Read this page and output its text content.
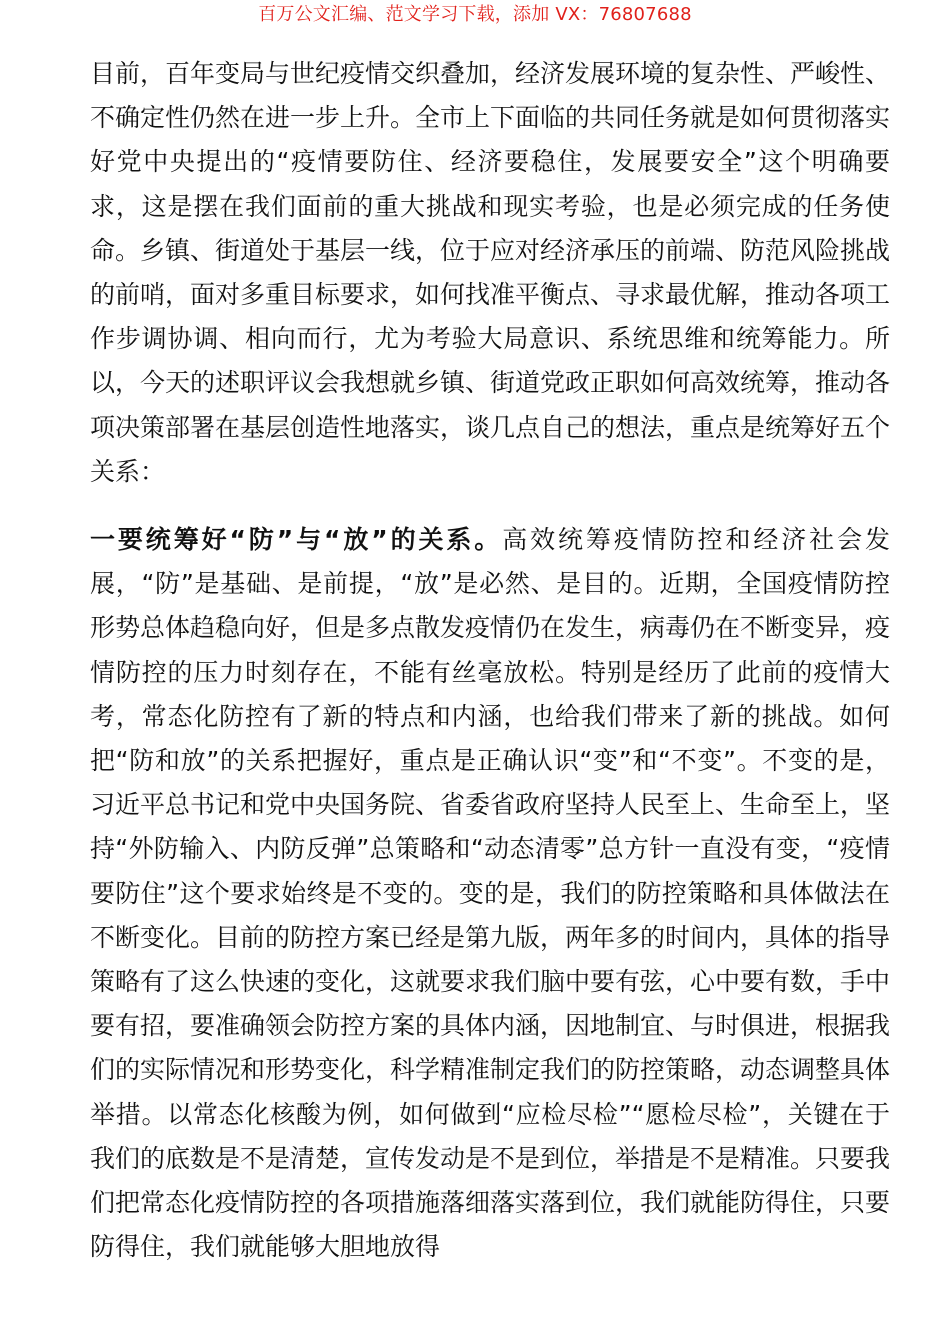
百万公文汇编、范文学习下载，添加 VX：76807688

目前，百年变局与世纪疫情交织叠加，经济发展环境的复杂性、严峻性、不确定性仍然在进一步上升。全市上下面临的共同任务就是如何贯彻落实好党中央提出的“疫情要防住、经济要稳住，发展要安全”这个明确要求，这是摆在我们面前的重大挑战和现实考验，也是必须完成的任务使命。乡镇、街道处于基层一线，位于应对经济承压的前端、防范风险挑战的前哨，面对多重目标要求，如何找准平衡点、寻求最优解，推动各项工作步调协调、相向而行，尤为考验大局意识、系统思维和统筹能力。所以，今天的述职评议会我想就乡镇、街道党政正职如何高效统筹，推动各项决策部署在基层创造性地落实，谈几点自己的想法，重点是统筹好五个关系：

一要统筹好“防”与“放”的关系。高效统筹疫情防控和经济社会发展，“防”是基础、是前提，“放”是必然、是目的。近期，全国疫情防控形势总体趋稳向好，但是多点散发疫情仍在发生，病毒仍在不断变异，疫情防控的压力时刻存在，不能有丝毫放松。特别是经历了此前的疫情大考，常态化防控有了新的特点和内涵，也给我们带来了新的挑战。如何把“防和放”的关系把握好，重点是正确认识“变”和“不变”。不变的是，习近平总书记和党中央国务院、省委省政府坚持人民至上、生命至上，坚持“外防输入、内防反弹”总策略和“动态清零”总方针一直没有变，“疫情要防住”这个要求始终是不变的。变的是，我们的防控策略和具体做法在不断变化。目前的防控方案已经是第九版，两年多的时间内，具体的指导策略有了这么快速的变化，这就要求我们脑中要有弦，心中要有数，手中要有招，要准确领会防控方案的具体内涵，因地制宜、与时俱进，根据我们的实际情况和形势变化，科学精准制定我们的防控策略，动态调整具体举措。以常态化核酸为例，如何做到“应检尽检”“愿检尽检”，关键在于我们的底数是不是清楚，宣传发动是不是到位，举措是不是精准。只要我们把常态化疫情防控的各项措施落细落实落到位，我们就能防得住，只要防得住，我们就能够大胆地放得
